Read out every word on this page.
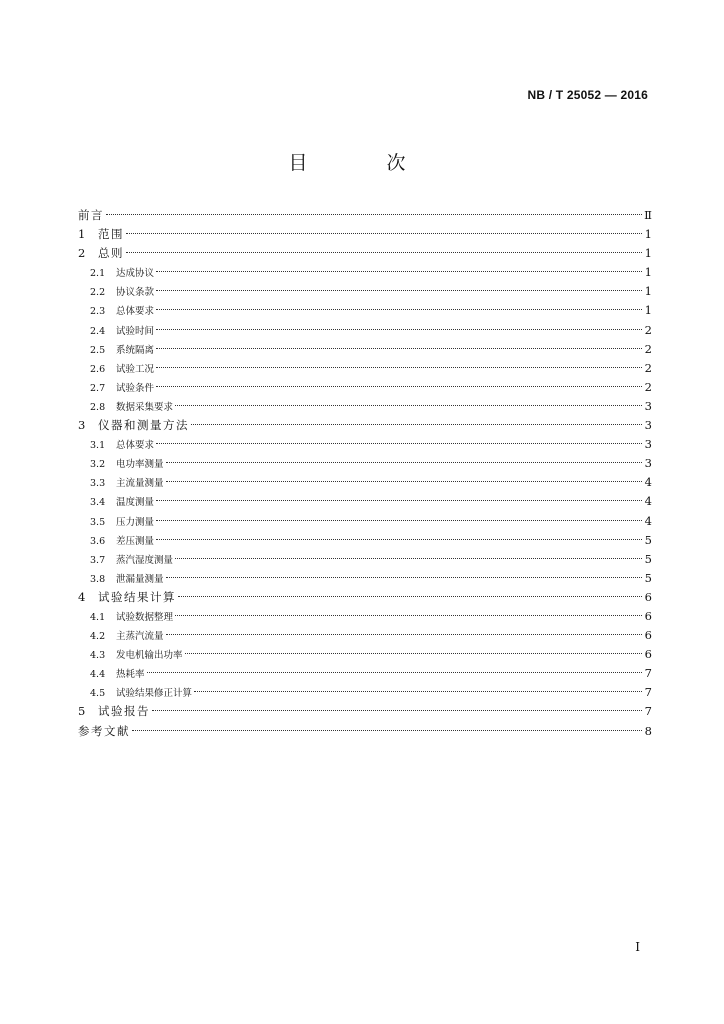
NB / T 25052 — 2016
目　次
前言	Ⅱ
1	范围	1
2	总则	1
2.1	达成协议	1
2.2	协议条款	1
2.3	总体要求	1
2.4	试验时间	2
2.5	系统隔离	2
2.6	试验工况	2
2.7	试验条件	2
2.8	数据采集要求	3
3	仪器和测量方法	3
3.1	总体要求	3
3.2	电功率测量	3
3.3	主流量测量	4
3.4	温度测量	4
3.5	压力测量	4
3.6	差压测量	5
3.7	蒸汽湿度测量	5
3.8	泄漏量测量	5
4	试验结果计算	6
4.1	试验数据整理	6
4.2	主蒸汽流量	6
4.3	发电机输出功率	6
4.4	热耗率	7
4.5	试验结果修正计算	7
5	试验报告	7
参考文献	8
I
